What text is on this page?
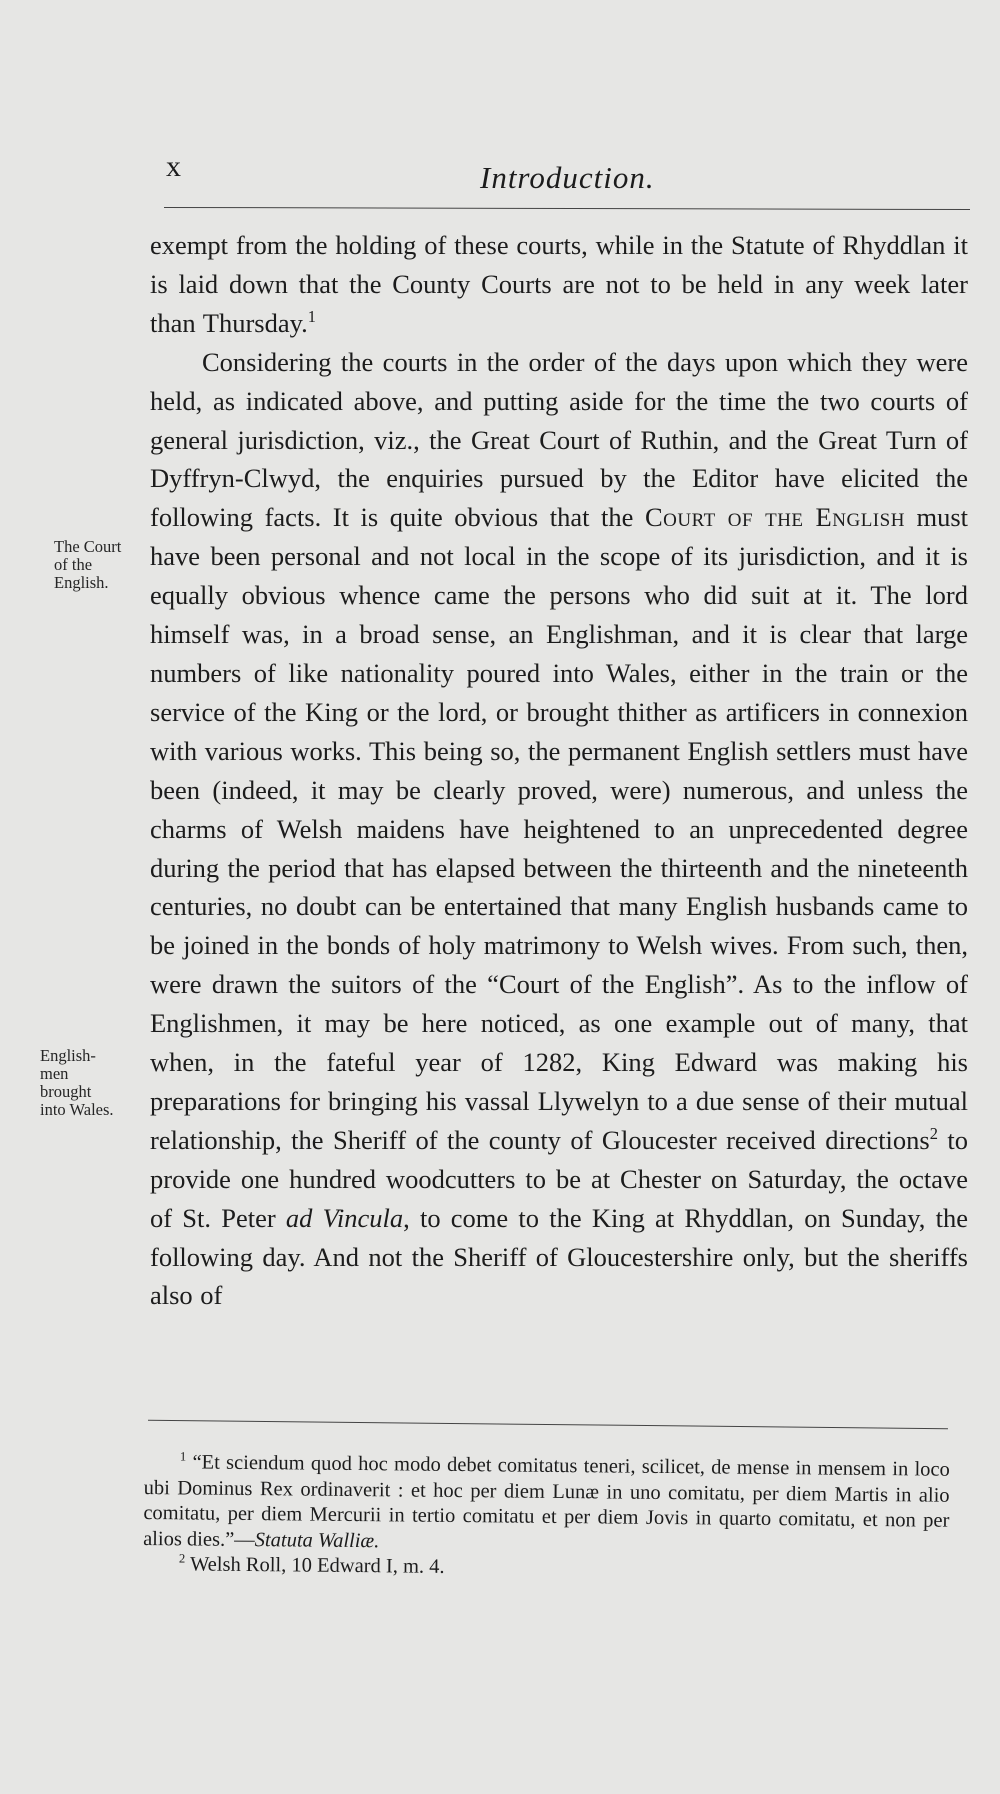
x	Introduction.
The Court
of the
English.
English-
men
brought
into Wales.

exempt from the holding of these courts, while in the Statute of Rhyddlan it is laid down that the County Courts are not to be held in any week later than Thursday.$^1$

Considering the courts in the order of the days upon which they were held, as indicated above, and putting aside for the time the two courts of general jurisdiction, viz., the Great Court of Ruthin, and the Great Turn of Dyffryn-Clwyd, the enquiries pursued by the Editor have elicited the following facts. It is quite obvious that the Court of the English must have been personal and not local in the scope of its jurisdiction, and it is equally obvious whence came the persons who did suit at it. The lord himself was, in a broad sense, an Englishman, and it is clear that large numbers of like nationality poured into Wales, either in the train or the service of the King or the lord, or brought thither as artificers in connexion with various works. This being so, the permanent English settlers must have been (indeed, it may be clearly proved, were) numerous, and unless the charms of Welsh maidens have heightened to an unprecedented degree during the period that has elapsed between the thirteenth and the nineteenth centuries, no doubt can be entertained that many English husbands came to be joined in the bonds of holy matrimony to Welsh wives. From such, then, were drawn the suitors of the “Court of the English”. As to the inflow of Englishmen, it may be here noticed, as one example out of many, that when, in the fateful year of 1282, King Edward was making his preparations for bringing his vassal Llywelyn to a due sense of their mutual relationship, the Sheriff of the county of Gloucester received directions$^2$ to provide one hundred woodcutters to be at Chester on Saturday, the octave of St. Peter ad Vincula, to come to the King at Rhyddlan, on Sunday, the following day. And not the Sheriff of Gloucestershire only, but the sheriffs also of

$^1$ “Et sciendum quod hoc modo debet comitatus teneri, scilicet, de mense in mensem in loco ubi Dominus Rex ordinaverit : et hoc per diem Lunæ in uno comitatu, per diem Martis in alio comitatu, per diem Mercurii in tertio comitatu et per diem Jovis in quarto comitatu, et non per alios dies.”—Statuta Walliæ.

$^2$ Welsh Roll, 10 Edward I, m. 4.
